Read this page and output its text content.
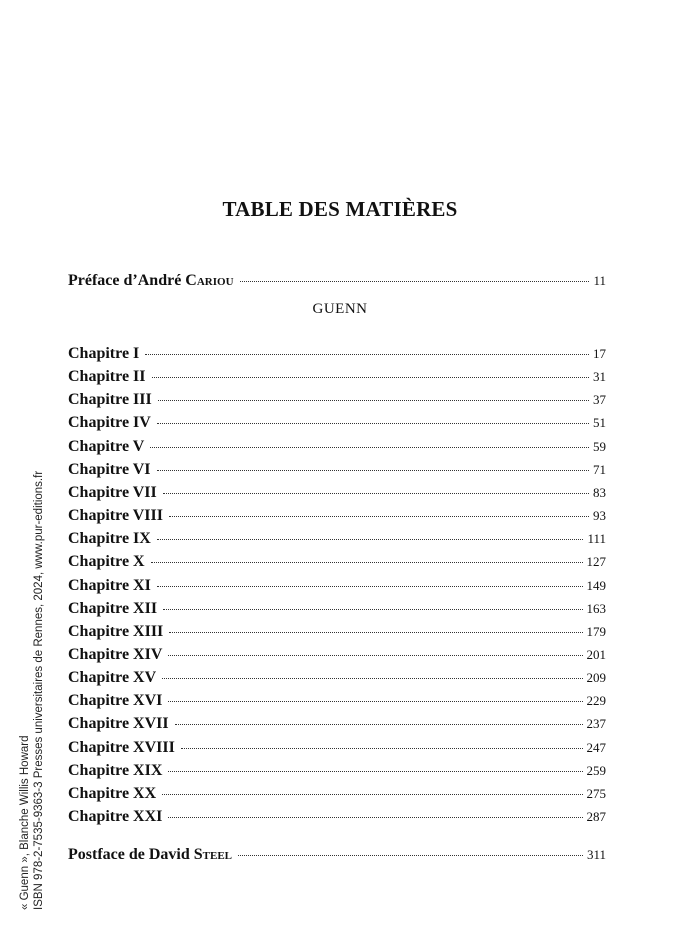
« Guenn », Blanche Willis Howard ISBN 978-2-7535-9363-3 Presses universitaires de Rennes, 2024, www.pur-editions.fr
TABLE DES MATIÈRES
Préface d’André Cariou	11
GUENN
Chapitre I	17
Chapitre II	31
Chapitre III	37
Chapitre IV	51
Chapitre V	59
Chapitre VI	71
Chapitre VII	83
Chapitre VIII	93
Chapitre IX	111
Chapitre X	127
Chapitre XI	149
Chapitre XII	163
Chapitre XIII	179
Chapitre XIV	201
Chapitre XV	209
Chapitre XVI	229
Chapitre XVII	237
Chapitre XVIII	247
Chapitre XIX	259
Chapitre XX	275
Chapitre XXI	287
Postface de David Steel	311
